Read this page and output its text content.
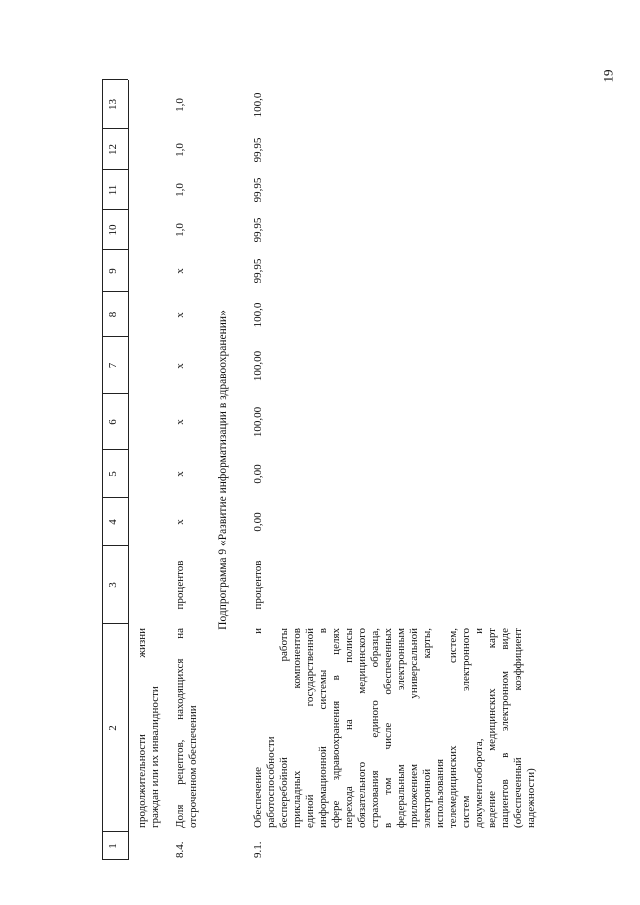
19
1
2
3
4
5
6
7
8
9
10
11
12
13
продолжительности жизни граждан или их инвалидности
8.4.
Доля рецептов, находящихся на отсроченном обеспечении
процентов
x
x
x
x
x
x
1,0
1,0
1,0
1,0
Подпрограмма 9 «Развитие информатизации в здравоохранении»
9.1.
Обеспечение и работоспособности бесперебойной работы прикладных компонентов единой государственной информационной системы в сфере здравоохранения в целях перехода на полисы обязательного медицинского страхования единого образца, в том числе обеспеченных федеральным электронным приложением универсальной электронной карты, использования телемедицинских систем, систем электронного документооборота, и ведение медицинских карт пациентов в электронном виде (обеспеченный коэффициент надежности)
процентов
0,00
0,00
100,00
100,00
100,0
99,95
99,95
99,95
99,95
100,0
